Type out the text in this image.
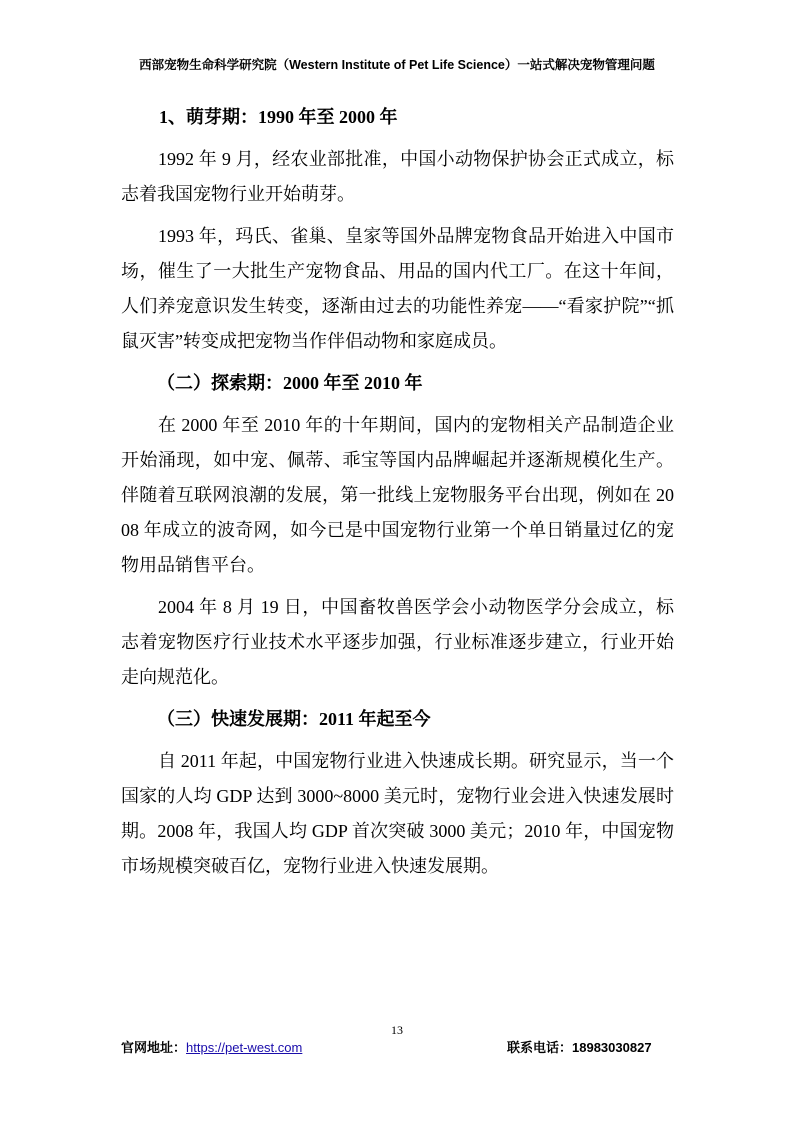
西部宠物生命科学研究院（Western Institute of Pet Life Science）一站式解决宠物管理问题

1、萌芽期：1990 年至 2000 年

1992 年 9 月，经农业部批准，中国小动物保护协会正式成立，标志着我国宠物行业开始萌芽。

1993 年，玛氏、雀巢、皇家等国外品牌宠物食品开始进入中国市场，催生了一大批生产宠物食品、用品的国内代工厂。在这十年间，人们养宠意识发生转变，逐渐由过去的功能性养宠——“看家护院”“抓鼠灭害”转变成把宠物当作伴侣动物和家庭成员。

（二）探索期：2000 年至 2010 年

在 2000 年至 2010 年的十年期间，国内的宠物相关产品制造企业开始涌现，如中宠、佩蒂、乖宝等国内品牌崛起并逐渐规模化生产。伴随着互联网浪潮的发展，第一批线上宠物服务平台出现，例如在 2008 年成立的波奇网，如今已是中国宠物行业第一个单日销量过亿的宠物用品销售平台。

2004 年 8 月 19 日，中国畜牧兽医学会小动物医学分会成立，标志着宠物医疗行业技术水平逐步加强，行业标准逐步建立，行业开始走向规范化。

（三）快速发展期：2011 年起至今

自 2011 年起，中国宠物行业进入快速成长期。研究显示，当一个国家的人均 GDP 达到 3000~8000 美元时，宠物行业会进入快速发展时期。2008 年，我国人均 GDP 首次突破 3000 美元；2010 年，中国宠物市场规模突破百亿，宠物行业进入快速发展期。

13
官网地址：https://pet-west.com	联系电话：18983030827
